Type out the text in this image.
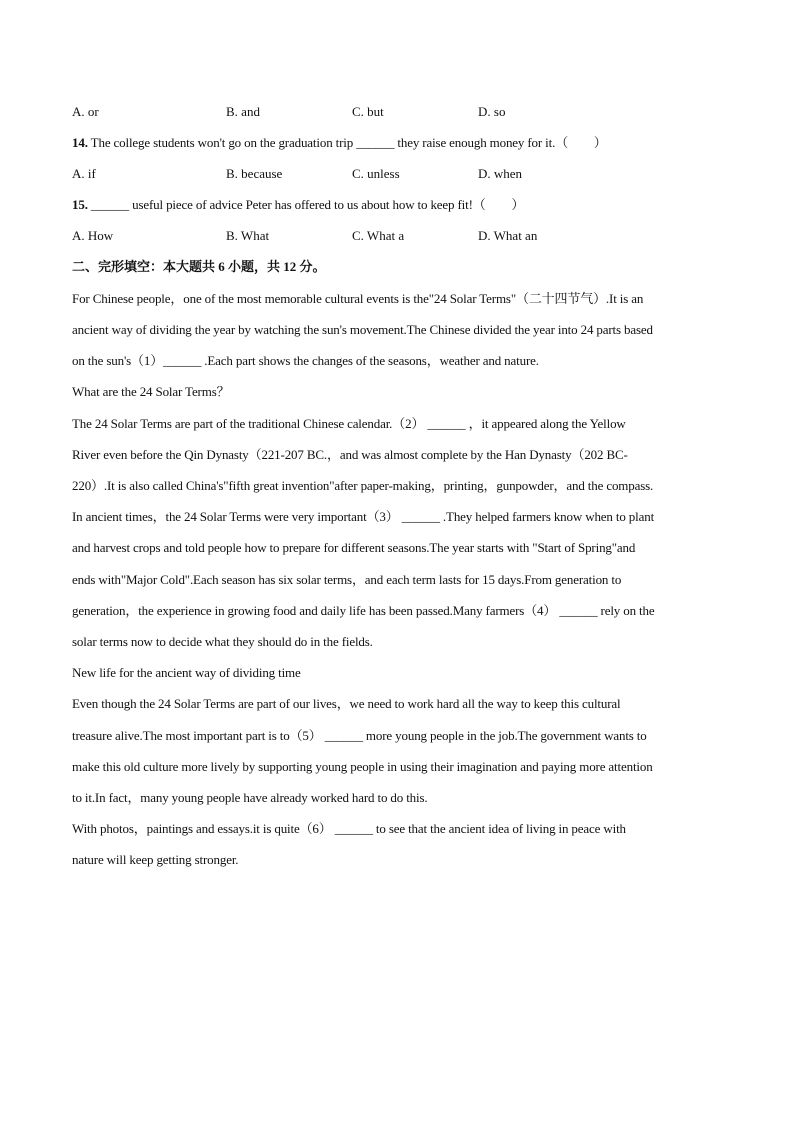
A. or	B. and	C. but	D. so
14. The college students won't go on the graduation trip ______ they raise enough money for it.（　　）
A. if	B. because	C. unless	D. when
15. ______ useful piece of advice Peter has offered to us about how to keep fit!（　　）
A. How	B. What	C. What a	D. What an
二、完形填空：本大题共 6 小题，共 12 分。
For Chinese people，one of the most memorable cultural events is the"24 Solar Terms"（二十四节气）.It is an
ancient way of dividing the year by watching the sun's movement.The Chinese divided the year into 24 parts based
on the sun's（1）______ .Each part shows the changes of the seasons，weather and nature.
What are the 24 Solar Terms？
The 24 Solar Terms are part of the traditional Chinese calendar.（2） ______ ，it appeared along the Yellow
River even before the Qin Dynasty（221-207 BC.，and was almost complete by the Han Dynasty（202 BC-
220）.It is also called China's"fifth great invention"after paper-making，printing，gunpowder，and the compass.
In ancient times，the 24 Solar Terms were very important（3） ______ .They helped farmers know when to plant
and harvest crops and told people how to prepare for different seasons.The year starts with "Start of Spring"and
ends with"Major Cold".Each season has six solar terms，and each term lasts for 15 days.From generation to
generation，the experience in growing food and daily life has been passed.Many farmers（4） ______ rely on the
solar terms now to decide what they should do in the fields.
New life for the ancient way of dividing time
Even though the 24 Solar Terms are part of our lives，we need to work hard all the way to keep this cultural
treasure alive.The most important part is to（5） ______ more young people in the job.The government wants to
make this old culture more lively by supporting young people in using their imagination and paying more attention
to it.In fact，many young people have already worked hard to do this.
With photos，paintings and essays.it is quite（6） ______ to see that the ancient idea of living in peace with
nature will keep getting stronger.
